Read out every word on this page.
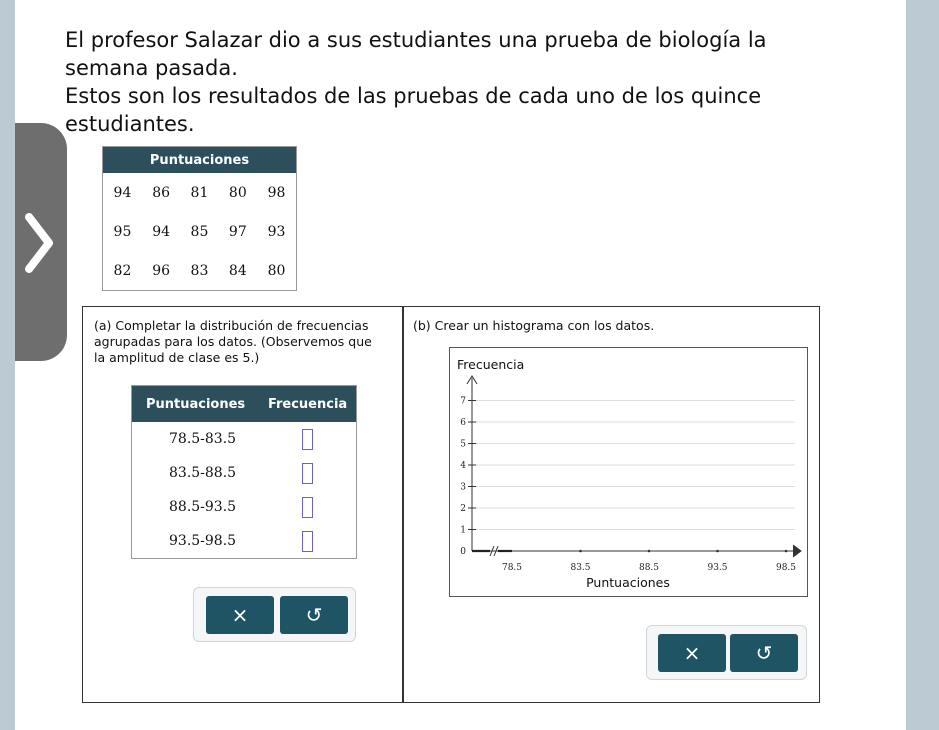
El profesor Salazar dio a sus estudiantes una prueba de biología la

semana pasada.

Estos son los resultados de las pruebas de cada uno de los quince

estudiantes.

Puntuaciones				
94	86	81	80	98
95	94	85	97	93
82	96	83	84	80

(a) Completar la distribución de frecuencias

agrupadas para los datos. (Observemos que

la amplitud de clase es 5.)

Puntuaciones	Frecuencia
78.5-83.5	
83.5-88.5	
88.5-93.5	
93.5-98.5	
×	↺
(b) Crear un histograma con los datos.
Frecuencia
0
1
2
3
4
5
6
7
78.5	83.5	88.5	93.5	98.5
Puntuaciones
×	↺
